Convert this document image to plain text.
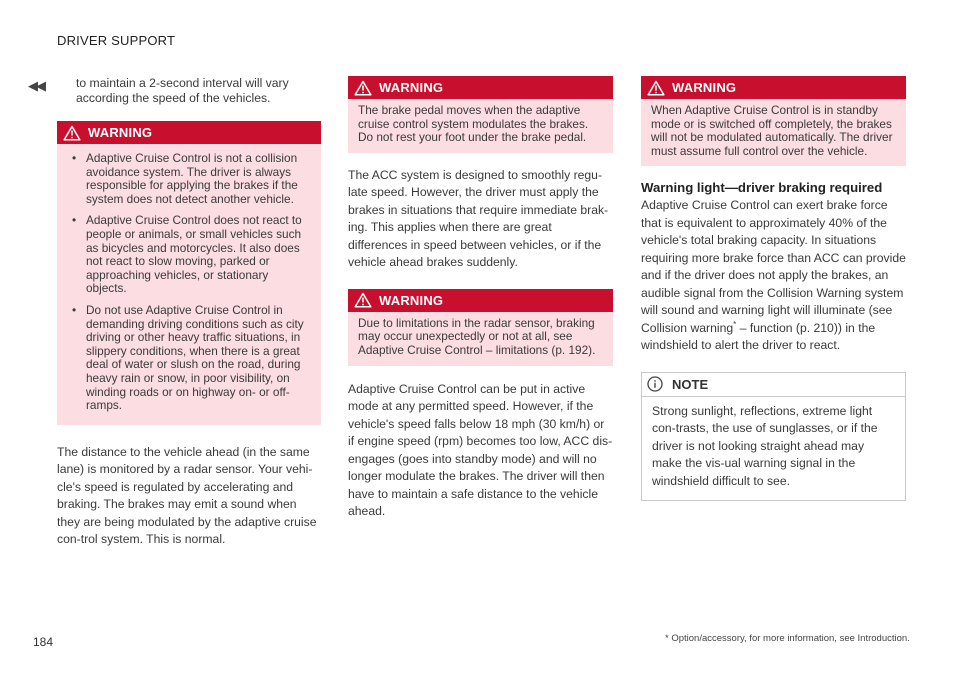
DRIVER SUPPORT
◀◀	to maintain a 2-second interval will vary according the speed of the vehicles.

WARNING
• Adaptive Cruise Control is not a collision avoidance system. The driver is always responsible for applying the brakes if the system does not detect another vehicle.
• Adaptive Cruise Control does not react to people or animals, or small vehicles such as bicycles and motorcycles. It also does not react to slow moving, parked or approaching vehicles, or stationary objects.
• Do not use Adaptive Cruise Control in demanding driving conditions such as city driving or other heavy traffic situations, in slippery conditions, when there is a great deal of water or slush on the road, during heavy rain or snow, in poor visibility, on winding roads or on highway on- or off-ramps.

The distance to the vehicle ahead (in the same lane) is monitored by a radar sensor. Your vehi-cle's speed is regulated by accelerating and braking. The brakes may emit a sound when they are being modulated by the adaptive cruise con-trol system. This is normal.

WARNING
The brake pedal moves when the adaptive cruise control system modulates the brakes. Do not rest your foot under the brake pedal.

The ACC system is designed to smoothly regu-late speed. However, the driver must apply the brakes in situations that require immediate brak-ing. This applies when there are great differences in speed between vehicles, or if the vehicle ahead brakes suddenly.

WARNING
Due to limitations in the radar sensor, braking may occur unexpectedly or not at all, see Adaptive Cruise Control – limitations (p. 192).

Adaptive Cruise Control can be put in active mode at any permitted speed. However, if the vehicle's speed falls below 18 mph (30 km/h) or if engine speed (rpm) becomes too low, ACC dis-engages (goes into standby mode) and will no longer modulate the brakes. The driver will then have to maintain a safe distance to the vehicle ahead.

WARNING
When Adaptive Cruise Control is in standby mode or is switched off completely, the brakes will not be modulated automatically. The driver must assume full control over the vehicle.
Warning light—driver braking required

Adaptive Cruise Control can exert brake force that is equivalent to approximately 40% of the vehicle's total braking capacity. In situations requiring more brake force than ACC can provide and if the driver does not apply the brakes, an audible signal from the Collision Warning system will sound and warning light will illuminate (see Collision warning* – function (p. 210)) in the windshield to alert the driver to react.

NOTE
Strong sunlight, reflections, extreme light con-trasts, the use of sunglasses, or if the driver is not looking straight ahead may make the vis-ual warning signal in the windshield difficult to see.
184	* Option/accessory, for more information, see Introduction.
